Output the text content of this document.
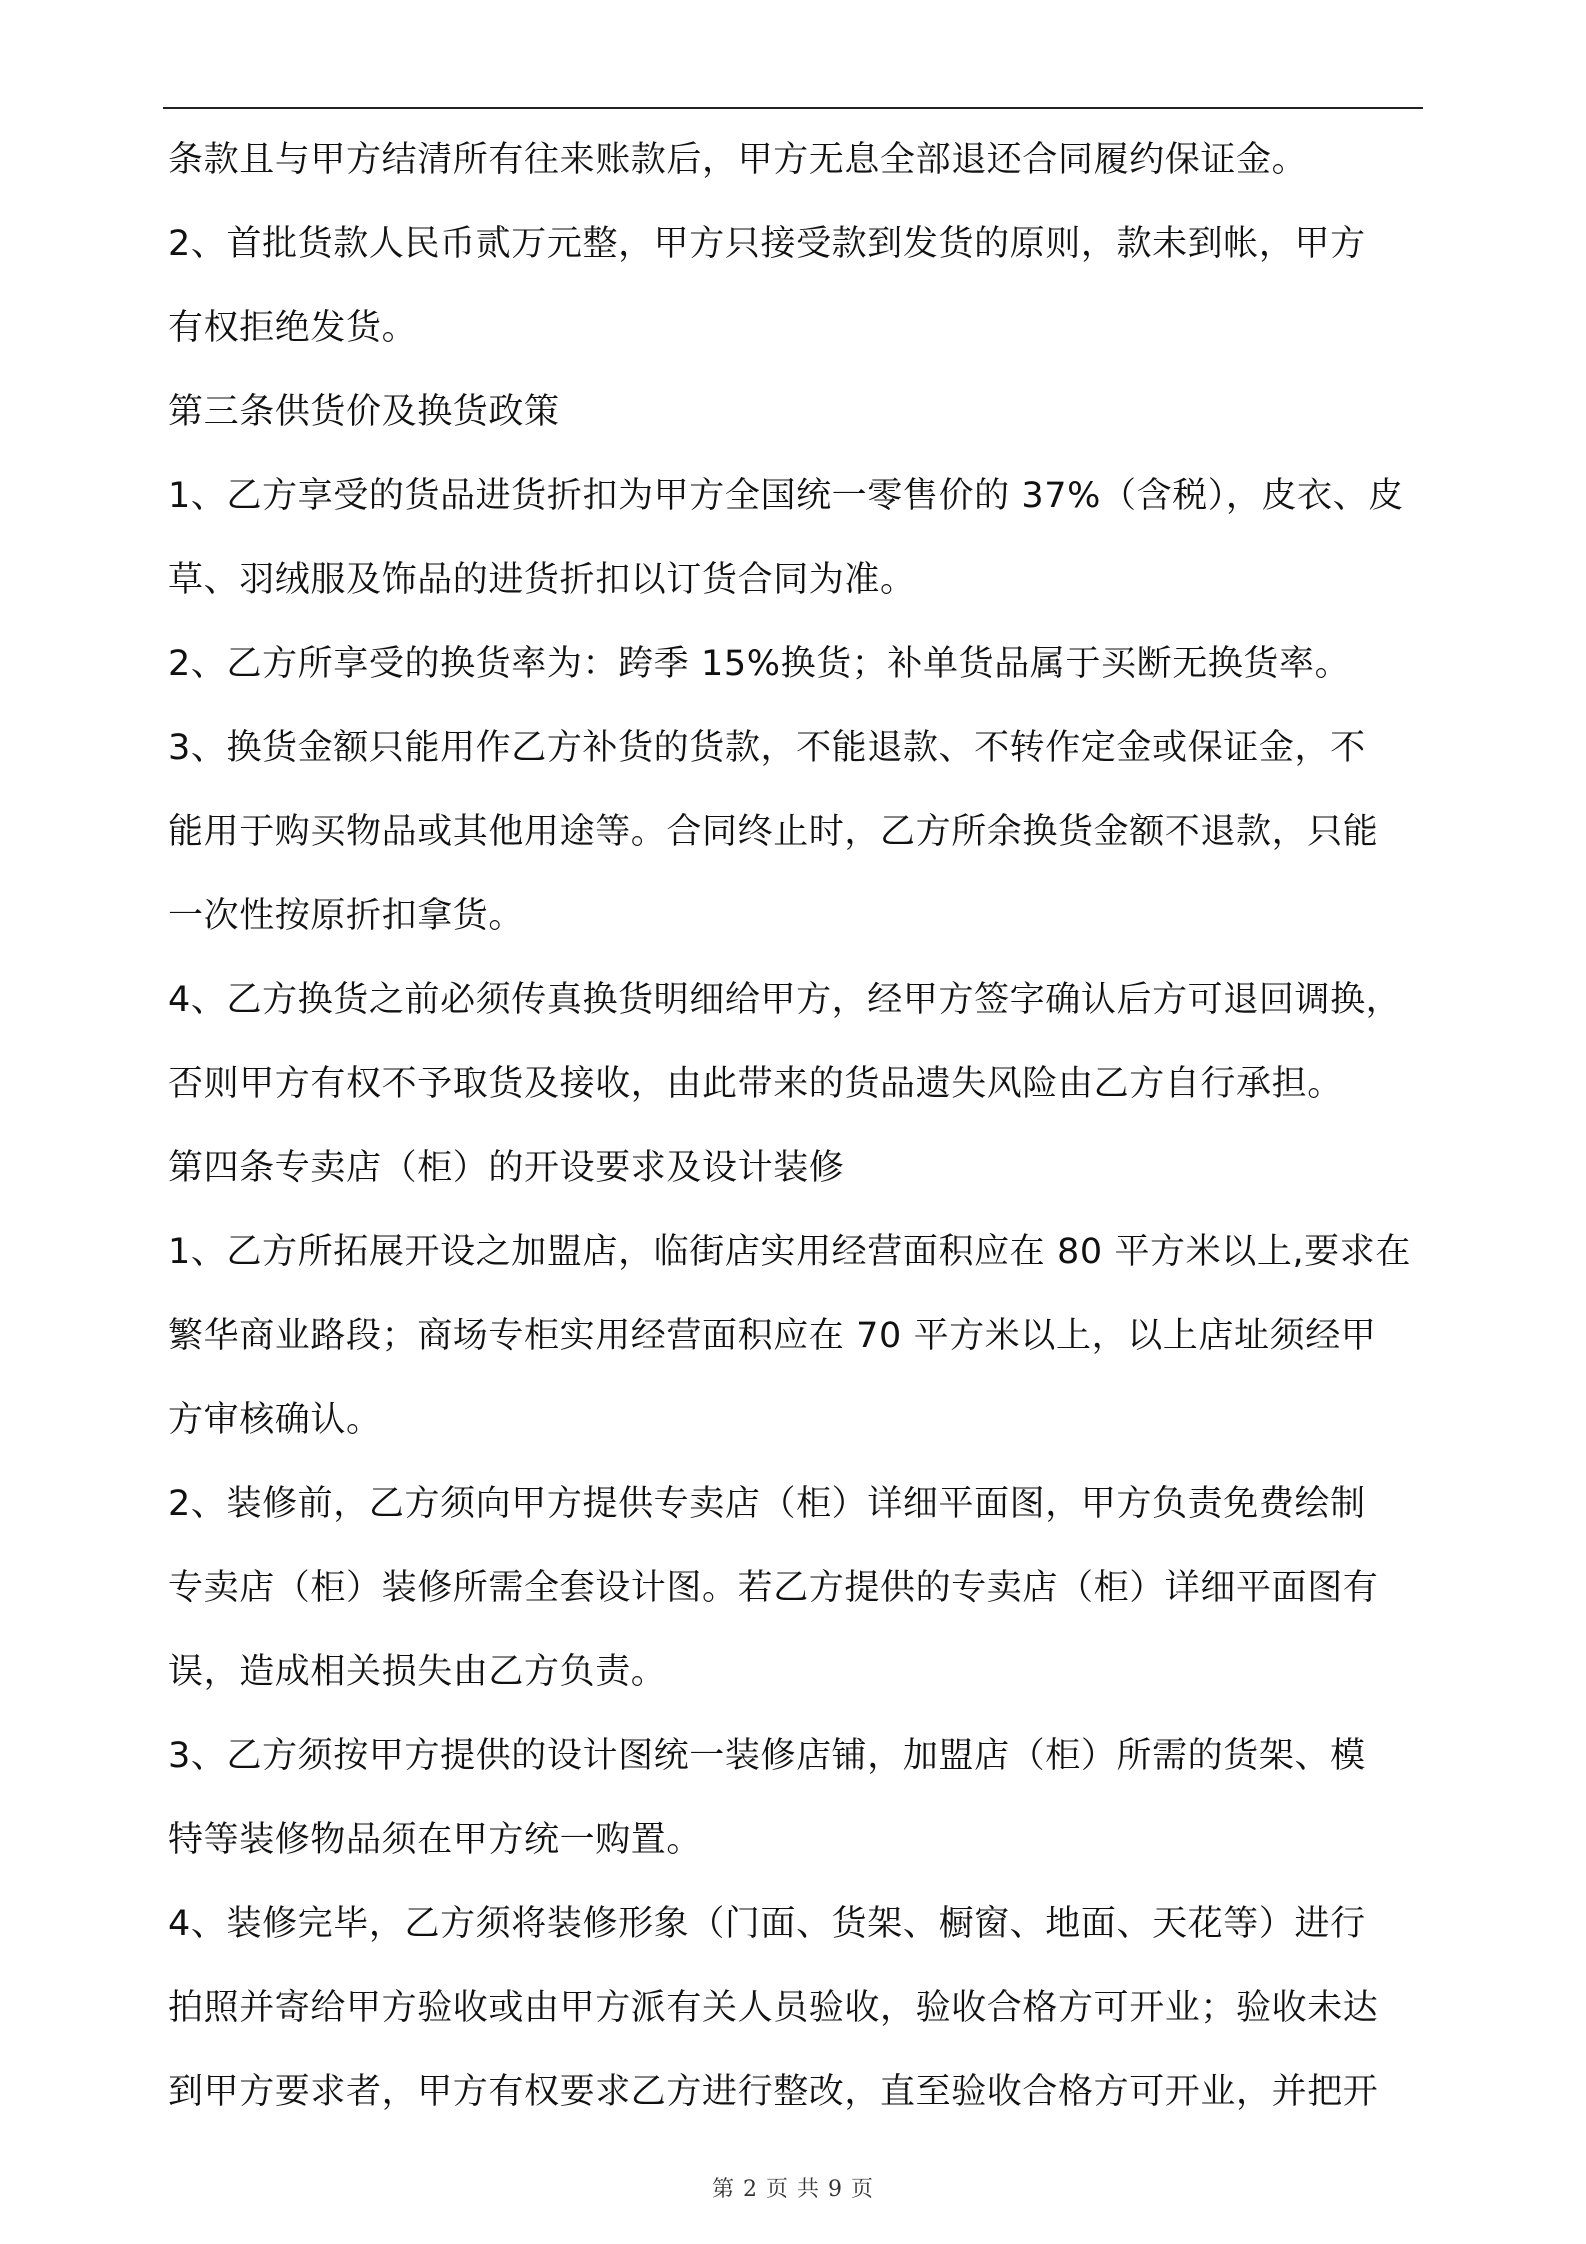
条款且与甲方结清所有往来账款后，甲方无息全部退还合同履约保证金。
2、首批货款人民币贰万元整，甲方只接受款到发货的原则，款未到帐，甲方
有权拒绝发货。
第三条供货价及换货政策
1、乙方享受的货品进货折扣为甲方全国统一零售价的 37%（含税），皮衣、皮
草、羽绒服及饰品的进货折扣以订货合同为准。
2、乙方所享受的换货率为：跨季 15%换货；补单货品属于买断无换货率。
3、换货金额只能用作乙方补货的货款，不能退款、不转作定金或保证金，不
能用于购买物品或其他用途等。合同终止时，乙方所余换货金额不退款，只能
一次性按原折扣拿货。
4、乙方换货之前必须传真换货明细给甲方，经甲方签字确认后方可退回调换，
否则甲方有权不予取货及接收，由此带来的货品遗失风险由乙方自行承担。
第四条专卖店（柜）的开设要求及设计装修
1、乙方所拓展开设之加盟店，临街店实用经营面积应在 80 平方米以上,要求在
繁华商业路段；商场专柜实用经营面积应在 70 平方米以上，以上店址须经甲
方审核确认。
2、装修前，乙方须向甲方提供专卖店（柜）详细平面图，甲方负责免费绘制
专卖店（柜）装修所需全套设计图。若乙方提供的专卖店（柜）详细平面图有
误，造成相关损失由乙方负责。
3、乙方须按甲方提供的设计图统一装修店铺，加盟店（柜）所需的货架、模
特等装修物品须在甲方统一购置。
4、装修完毕，乙方须将装修形象（门面、货架、橱窗、地面、天花等）进行
拍照并寄给甲方验收或由甲方派有关人员验收，验收合格方可开业；验收未达
到甲方要求者，甲方有权要求乙方进行整改，直至验收合格方可开业，并把开
第 2 页 共 9 页
